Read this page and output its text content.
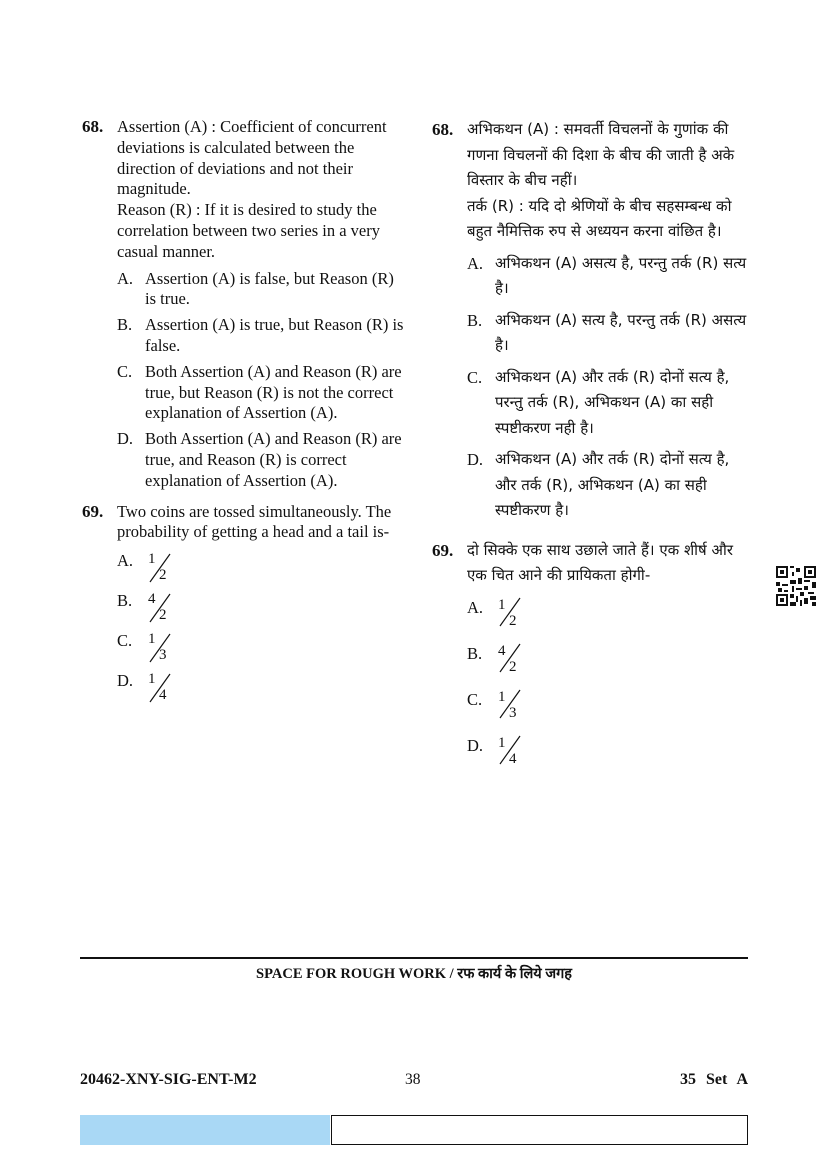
68. Assertion (A) : Coefficient of concurrent deviations is calculated between the direction of deviations and not their magnitude.

Reason (R) : If it is desired to study the correlation between two series in a very casual manner.

A. Assertion (A) is false, but Reason (R) is true.
B. Assertion (A) is true, but Reason (R) is false.
C. Both Assertion (A) and Reason (R) are true, but Reason (R) is not the correct explanation of Assertion (A).
D. Both Assertion (A) and Reason (R) are true, and Reason (R) is correct explanation of Assertion (A).
69. Two coins are tossed simultaneously. The probability of getting a head and a tail is-
A. 1
2
B. 4
2
C. 1
3
D. 1
4
68. अभिकथन (A) : समवर्ती विचलनों के गुणांक की गणना विचलनों की दिशा के बीच की जाती है अके विस्तार के बीच नहीं।

तर्क (R) : यदि दो श्रेणियों के बीच सहसम्बन्ध को बहुत नैमित्तिक रुप से अध्ययन करना वांछित है।

A. अभिकथन (A) असत्य है, परन्तु तर्क (R) सत्य है।
B. अभिकथन (A) सत्य है, परन्तु तर्क (R) असत्य है।
C. अभिकथन (A) और तर्क (R) दोनों सत्य है, परन्तु तर्क (R), अभिकथन (A) का सही स्पष्टीकरण नही है।
D. अभिकथन (A) और तर्क (R) दोनों सत्य है, और तर्क (R), अभिकथन (A) का सही स्पष्टीकरण है।
69. दो सिक्के एक साथ उछाले जाते हैं। एक शीर्ष और एक चित आने की प्रायिकता होगी-
A. 1
2
B. 4
2
C. 1
3
D. 1
4
SPACE FOR ROUGH WORK / रफ कार्य के लिये जगह
20462-XNY-SIG-ENT-M2	38	35 Set A
